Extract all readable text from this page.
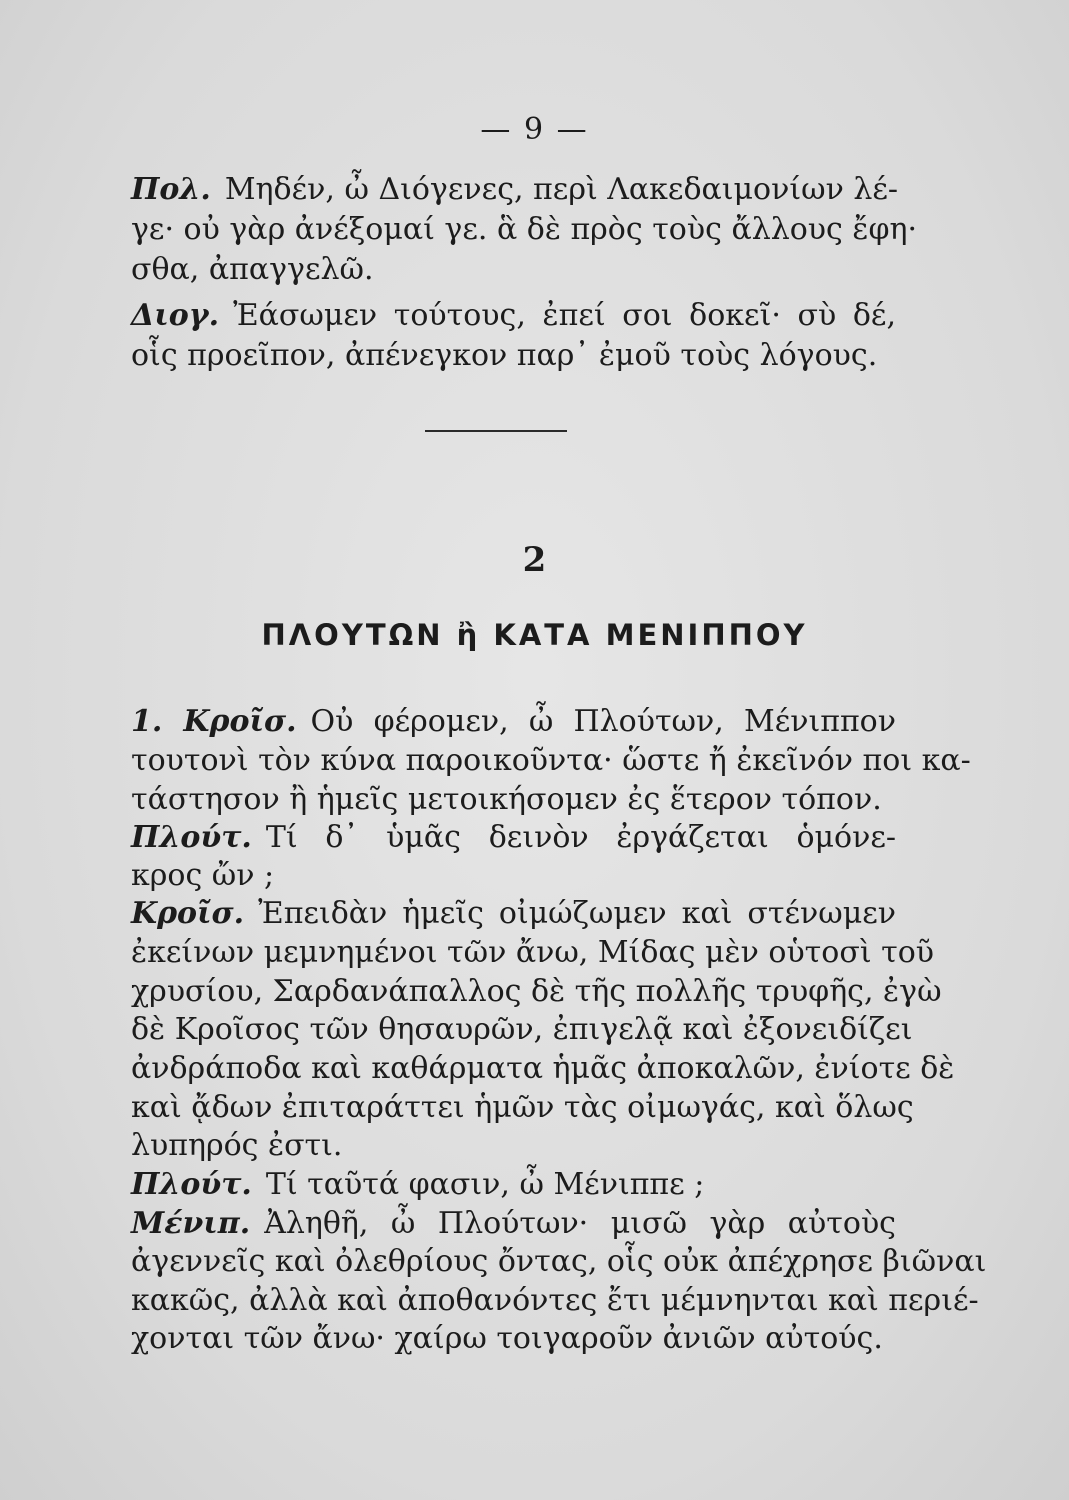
— 9 —
Πολ. Μηδέν, ὦ Διόγενες, περὶ Λακεδαιμονίων λέ-
γε· οὐ γὰρ ἀνέξομαί γε. ἃ δὲ πρὸς τοὺς ἄλλους ἔφη·
σθα, ἀπαγγελῶ.
Διογ. Ἐάσωμεν τούτους, ἐπεί σοι δοκεῖ· σὺ δέ,
οἷς προεῖπον, ἀπένεγκον παρ᾽ ἐμοῦ τοὺς λόγους.
2
ΠΛΟΥΤΩΝ ἢ ΚΑΤΑ ΜΕΝΙΠΠΟΥ
1. Κροῖσ. Οὐ φέρομεν, ὦ Πλούτων, Μένιππον
τουτονὶ τὸν κύνα παροικοῦντα· ὥστε ἤ ἐκεῖνόν ποι κα-
τάστησον ἢ ἡμεῖς μετοικήσομεν ἐς ἕτερον τόπον.
Πλούτ. Τί δ᾽ ὑμᾶς δεινὸν ἐργάζεται ὁμόνε-
κρος ὤν ;
Κροῖσ. Ἐπειδὰν ἡμεῖς οἰμώζωμεν καὶ στένωμεν
ἐκείνων μεμνημένοι τῶν ἄνω, Μίδας μὲν οὑτοσὶ τοῦ
χρυσίου, Σαρδανάπαλλος δὲ τῆς πολλῆς τρυφῆς, ἐγὼ
δὲ Κροῖσος τῶν θησαυρῶν, ἐπιγελᾷ καὶ ἐξονειδίζει
ἀνδράποδα καὶ καθάρματα ἡμᾶς ἀποκαλῶν, ἐνίοτε δὲ
καὶ ᾄδων ἐπιταράττει ἡμῶν τὰς οἰμωγάς, καὶ ὅλως
λυπηρός ἐστι.
Πλούτ. Τί ταῦτά φασιν, ὦ Μένιππε ;
Μένιπ. Ἀληθῆ, ὦ Πλούτων· μισῶ γὰρ αὐτοὺς
ἀγεννεῖς καὶ ὀλεθρίους ὄντας, οἷς οὐκ ἀπέχρησε βιῶναι
κακῶς, ἀλλὰ καὶ ἀποθανόντες ἔτι μέμνηνται καὶ περιέ-
χονται τῶν ἄνω· χαίρω τοιγαροῦν ἀνιῶν αὐτούς.
